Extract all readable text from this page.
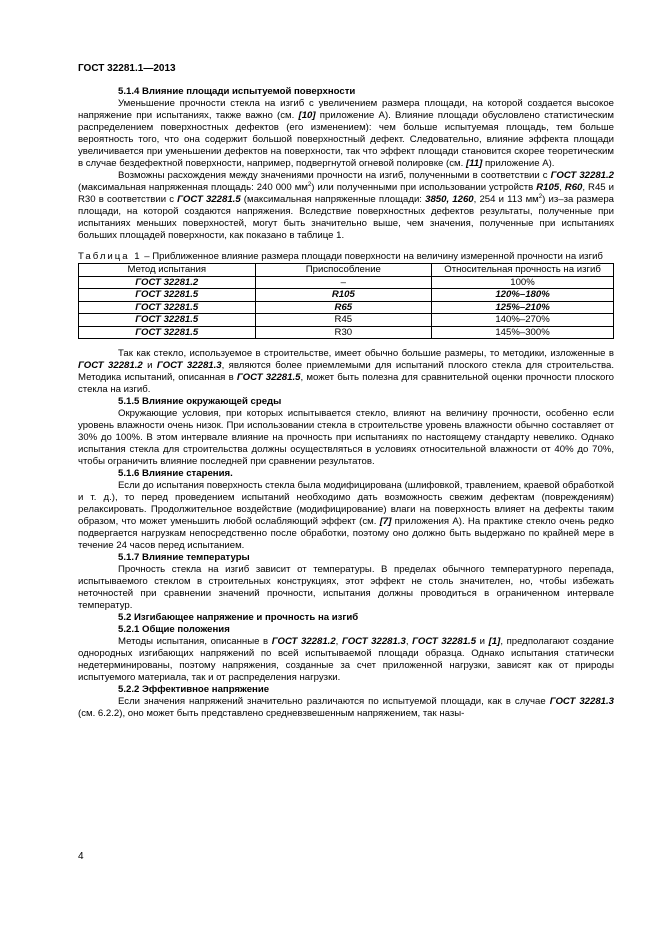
ГОСТ 32281.1—2013

5.1.4 Влияние площади испытуемой поверхности

Уменьшение прочности стекла на изгиб с увеличением размера площади, на которой создается высокое напряжение при испытаниях, также важно (см. [10] приложение А). Влияние площади обусловлено статистическим распределением поверхностных дефектов (его изменением): чем больше испытуемая площадь, тем больше вероятность того, что она содержит большой поверхностный дефект. Следовательно, влияние эффекта площади увеличивается при уменьшении дефектов на поверхности, так что эффект площади становится скорее теоретическим в случае бездефектной поверхности, например, подвергнутой огневой полировке (см. [11] приложение А).

Возможны расхождения между значениями прочности на изгиб, полученными в соответствии с ГОСТ 32281.2 (максимальная напряженная площадь: 240 000 $мм^2$) или полученными при использовании устройств R105, R60, R45 и R30 в соответствии с ГОСТ 32281.5 (максимальная напряженные площади: 3850, 1260, 254 и 113 $мм^2$) из–за размера площади, на которой создаются напряжения. Вследствие поверхностных дефектов результаты, полученные при испытаниях меньших поверхностей, могут быть значительно выше, чем значения, полученные при испытаниях больших площадей поверхности, как показано в таблице 1.

Таблица 1 – Приближенное влияние размера площади поверхности на величину измеренной прочности на изгиб

Метод испытания	Приспособление	Относительная прочность на изгиб
ГОСТ 32281.2	–	100%
ГОСТ 32281.5	R105	120%–180%
ГОСТ 32281.5	R65	125%–210%
ГОСТ 32281.5	R45	140%–270%
ГОСТ 32281.5	R30	145%–300%

Так как стекло, используемое в строительстве, имеет обычно большие размеры, то методики, изложенные в ГОСТ 32281.2 и ГОСТ 32281.3, являются более приемлемыми для испытаний плоского стекла для строительства. Методика испытаний, описанная в ГОСТ 32281.5, может быть полезна для сравнительной оценки прочности плоского стекла на изгиб.

5.1.5 Влияние окружающей среды

Окружающие условия, при которых испытывается стекло, влияют на величину прочности, особенно если уровень влажности очень низок. При использовании стекла в строительстве уровень влажности обычно составляет от 30% до 100%. В этом интервале влияние на прочность при испытаниях по настоящему стандарту невелико. Однако испытания стекла для строительства должны осуществляться в условиях относительной влажности от 40% до 70%, чтобы ограничить влияние последней при сравнении результатов.

5.1.6 Влияние старения.

Если до испытания поверхность стекла была модифицирована (шлифовкой, травлением, краевой обработкой и т. д.), то перед проведением испытаний необходимо дать возможность свежим дефектам (повреждениям) релаксировать. Продолжительное воздействие (модифицирование) влаги на поверхность влияет на дефекты таким образом, что может уменьшить любой ослабляющий эффект (см. [7] приложения А). На практике стекло очень редко подвергается нагрузкам непосредственно после обработки, поэтому оно должно быть выдержано по крайней мере в течение 24 часов перед испытанием.

5.1.7 Влияние температуры

Прочность стекла на изгиб зависит от температуры. В пределах обычного температурного перепада, испытываемого стеклом в строительных конструкциях, этот эффект не столь значителен, но, чтобы избежать неточностей при сравнении значений прочности, испытания должны проводиться в ограниченном интервале температур.

5.2 Изгибающее напряжение и прочность на изгиб

5.2.1 Общие положения

Методы испытания, описанные в ГОСТ 32281.2, ГОСТ 32281.3, ГОСТ 32281.5 и [1], предполагают создание однородных изгибающих напряжений по всей испытываемой площади образца. Однако испытания статически недетерминированы, поэтому напряжения, созданные за счет приложенной нагрузки, зависят как от природы испытуемого материала, так и от распределения нагрузки.

5.2.2 Эффективное напряжение

Если значения напряжений значительно различаются по испытуемой площади, как в случае ГОСТ 32281.3 (см. 6.2.2), оно может быть представлено средневзвешенным напряжением, так назы-

4
